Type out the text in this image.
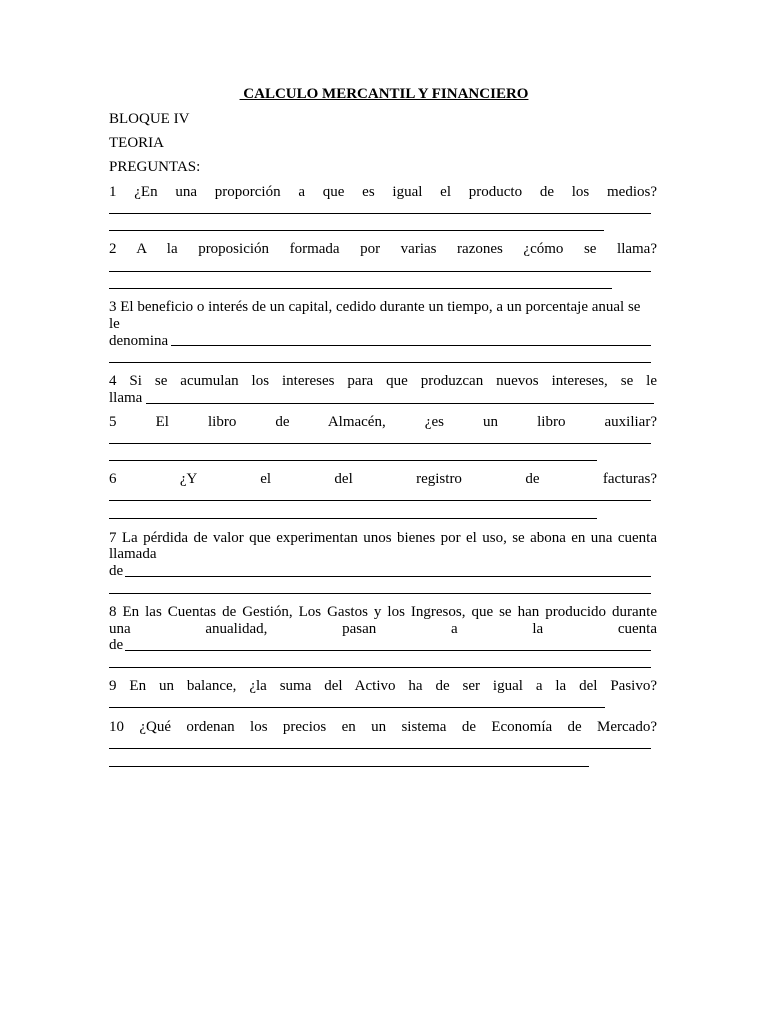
CALCULO MERCANTIL Y FINANCIERO
BLOQUE IV
TEORIA
PREGUNTAS:
1 ¿En una proporción a que es igual el producto de los medios?
2 A la proposición formada por varias razones ¿cómo se llama?
3 El beneficio o interés de un capital, cedido durante un tiempo, a un porcentaje anual se
le
denomina
4 Si se acumulan los intereses para que produzcan nuevos intereses, se le
llama
5 El libro de Almacén, ¿es un libro auxiliar?
6 ¿Y el del registro de facturas?
7 La pérdida de valor que experimentan unos bienes por el uso, se abona en una cuenta
llamada
de
8 En las Cuentas de Gestión, Los Gastos y los Ingresos, que se han producido durante
una anualidad, pasan a la cuenta
de
9 En un balance, ¿la suma del Activo ha de ser igual a la del Pasivo?
10 ¿Qué ordenan los precios en un sistema de Economía de Mercado?
